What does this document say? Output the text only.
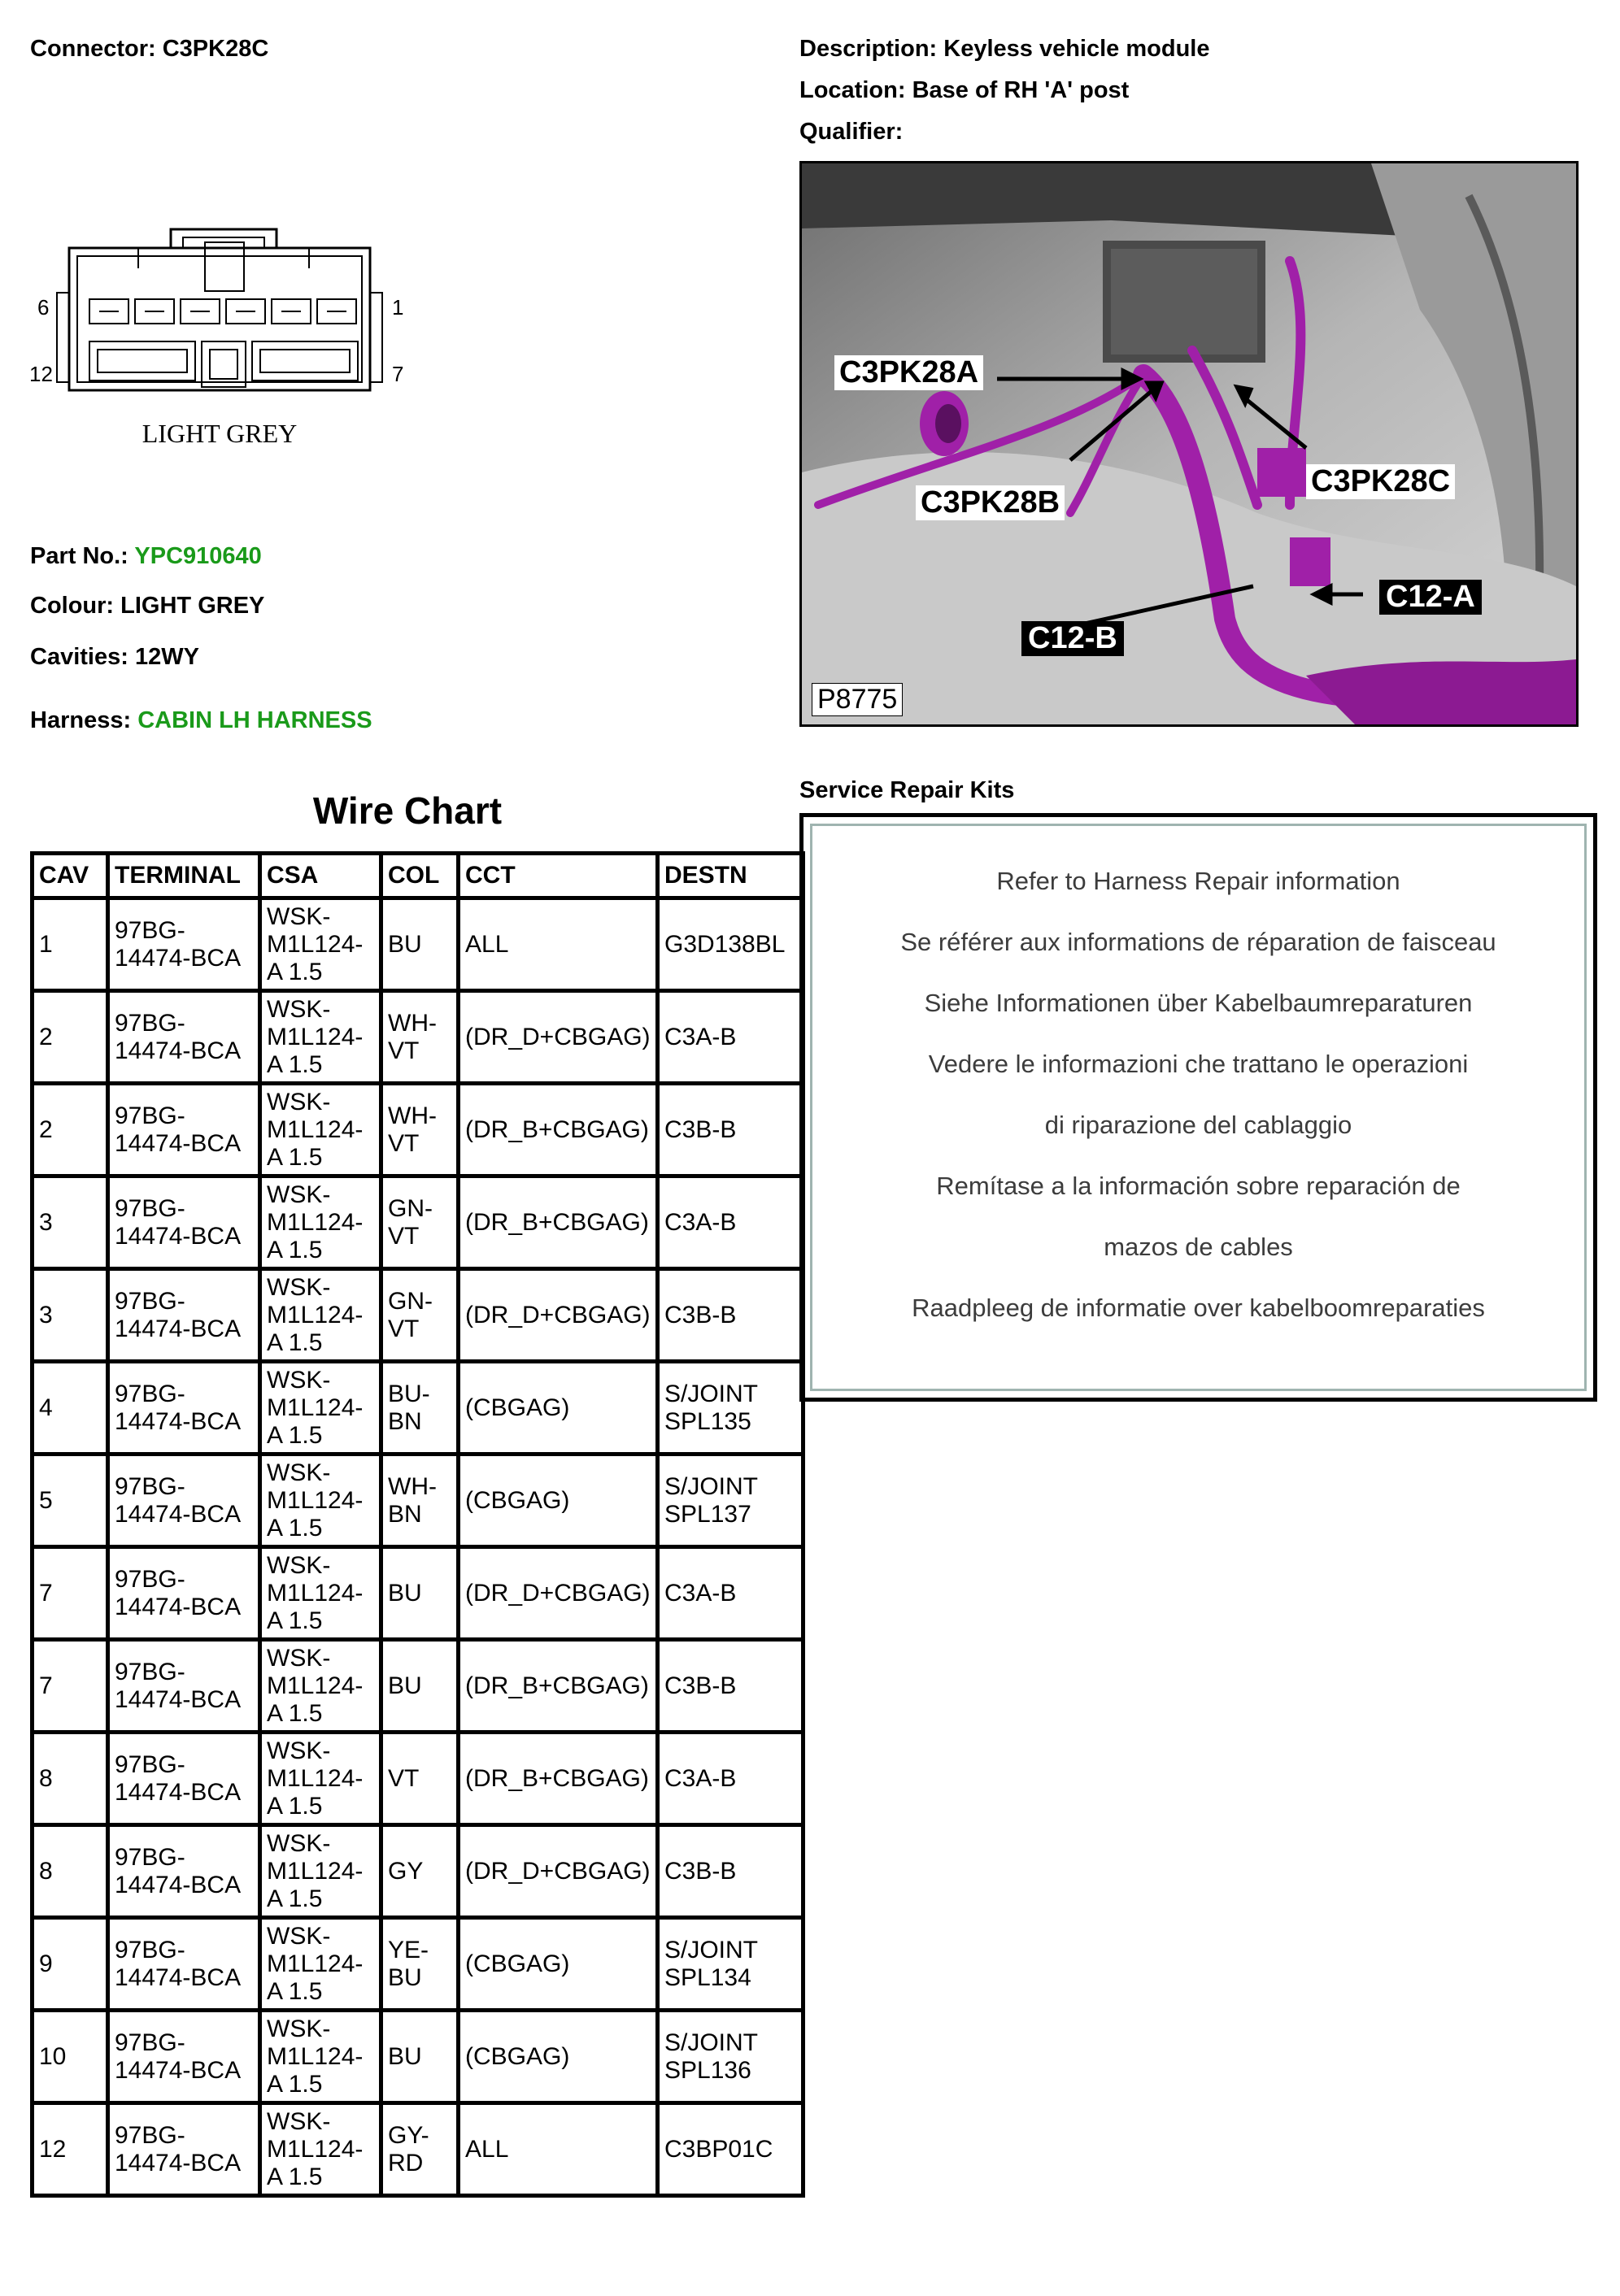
Connector: C3PK28C	Description: Keyless vehicle module
Location: Base of RH 'A' post
Qualifier:
6	1
12	7
LIGHT GREY
Part No.: YPC910640
Colour: LIGHT GREY
Cavities: 12WY
Harness: CABIN LH HARNESS
C3PK28A
C3PK28B
C3PK28C
C12-A
C12-B
P8775
Service Repair Kits
Refer to Harness Repair information
Se référer aux informations de réparation de faisceau
Siehe Informationen über Kabelbaumreparaturen
Vedere le informazioni che trattano le operazioni
di riparazione del cablaggio
Remítase a la información sobre reparación de
mazos de cables
Raadpleeg de informatie over kabelboomreparaties
Wire Chart
CAV	TERMINAL	CSA	COL	CCT	DESTN
1	97BG-14474-BCA	WSK-M1L124-A 1.5	BU	ALL	G3D138BL
2	97BG-14474-BCA	WSK-M1L124-A 1.5	WH-VT	(DR_D+CBGAG)	C3A-B
2	97BG-14474-BCA	WSK-M1L124-A 1.5	WH-VT	(DR_B+CBGAG)	C3B-B
3	97BG-14474-BCA	WSK-M1L124-A 1.5	GN-VT	(DR_B+CBGAG)	C3A-B
3	97BG-14474-BCA	WSK-M1L124-A 1.5	GN-VT	(DR_D+CBGAG)	C3B-B
4	97BG-14474-BCA	WSK-M1L124-A 1.5	BU-BN	(CBGAG)	S/JOINT SPL135
5	97BG-14474-BCA	WSK-M1L124-A 1.5	WH-BN	(CBGAG)	S/JOINT SPL137
7	97BG-14474-BCA	WSK-M1L124-A 1.5	BU	(DR_D+CBGAG)	C3A-B
7	97BG-14474-BCA	WSK-M1L124-A 1.5	BU	(DR_B+CBGAG)	C3B-B
8	97BG-14474-BCA	WSK-M1L124-A 1.5	VT	(DR_B+CBGAG)	C3A-B
8	97BG-14474-BCA	WSK-M1L124-A 1.5	GY	(DR_D+CBGAG)	C3B-B
9	97BG-14474-BCA	WSK-M1L124-A 1.5	YE-BU	(CBGAG)	S/JOINT SPL134
10	97BG-14474-BCA	WSK-M1L124-A 1.5	BU	(CBGAG)	S/JOINT SPL136
12	97BG-14474-BCA	WSK-M1L124-A 1.5	GY-RD	ALL	C3BP01C
